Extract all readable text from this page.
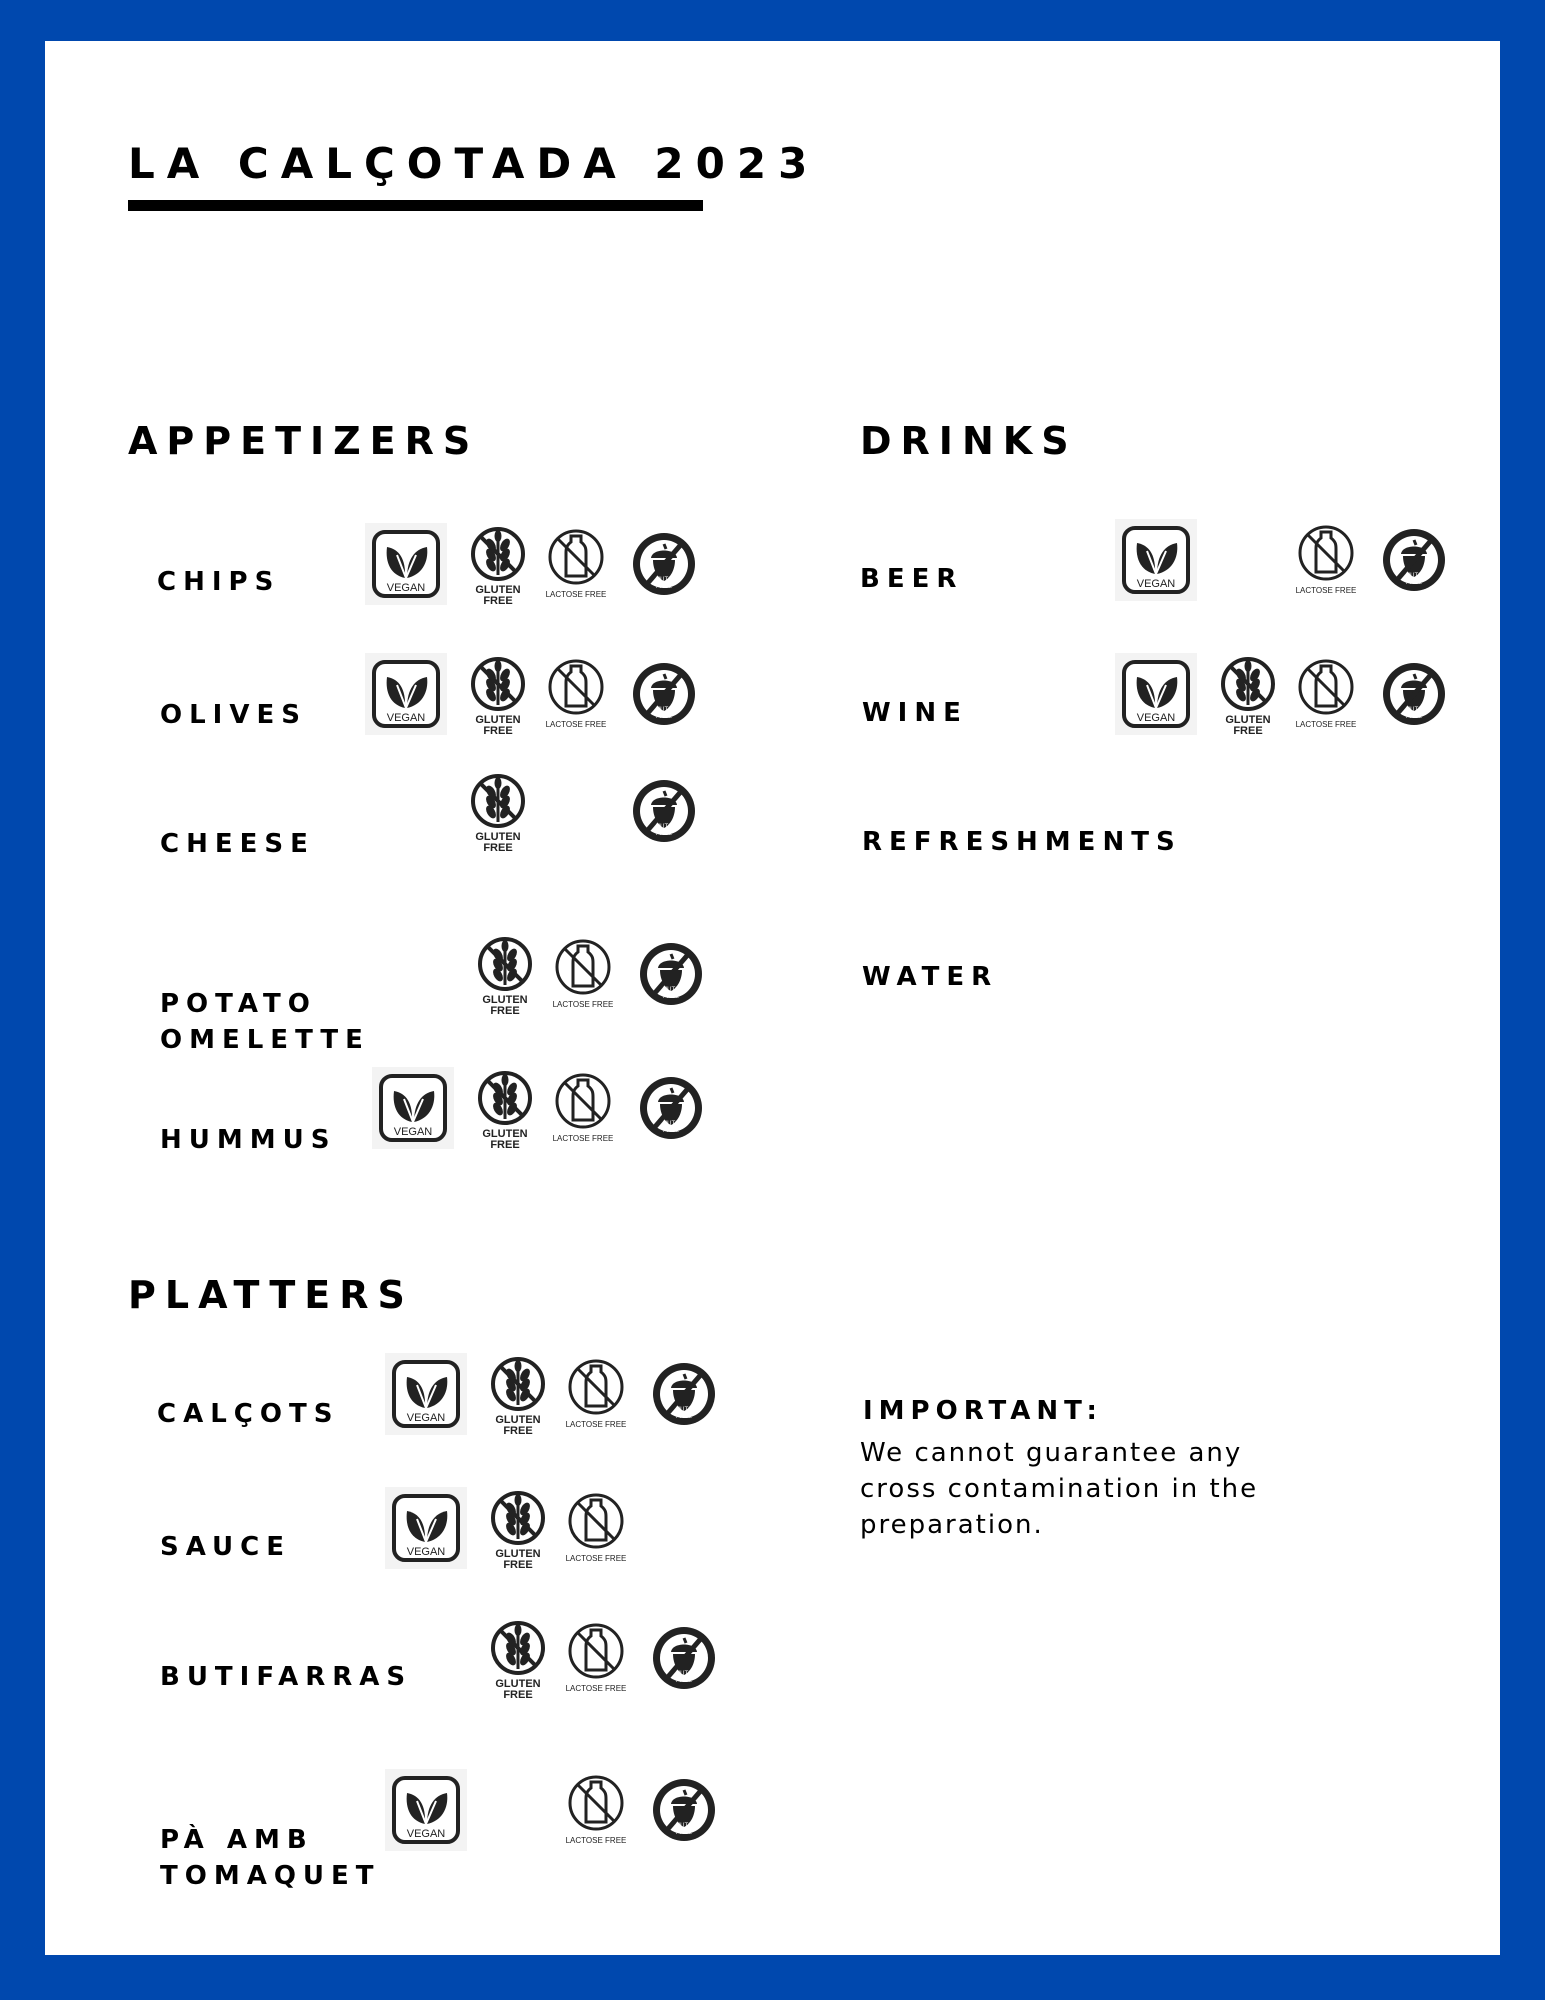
LA CALÇOTADA 2023
APPETIZERS
CHIPS
OLIVES
CHEESE
POTATO
OMELETTE
HUMMUS
DRINKS
BEER
WINE
REFRESHMENTS
WATER
PLATTERS
CALÇOTS
SAUCE
BUTIFARRAS
PÀ AMB
TOMAQUET
IMPORTANT:
We cannot guarantee any cross contamination in the preparation.
